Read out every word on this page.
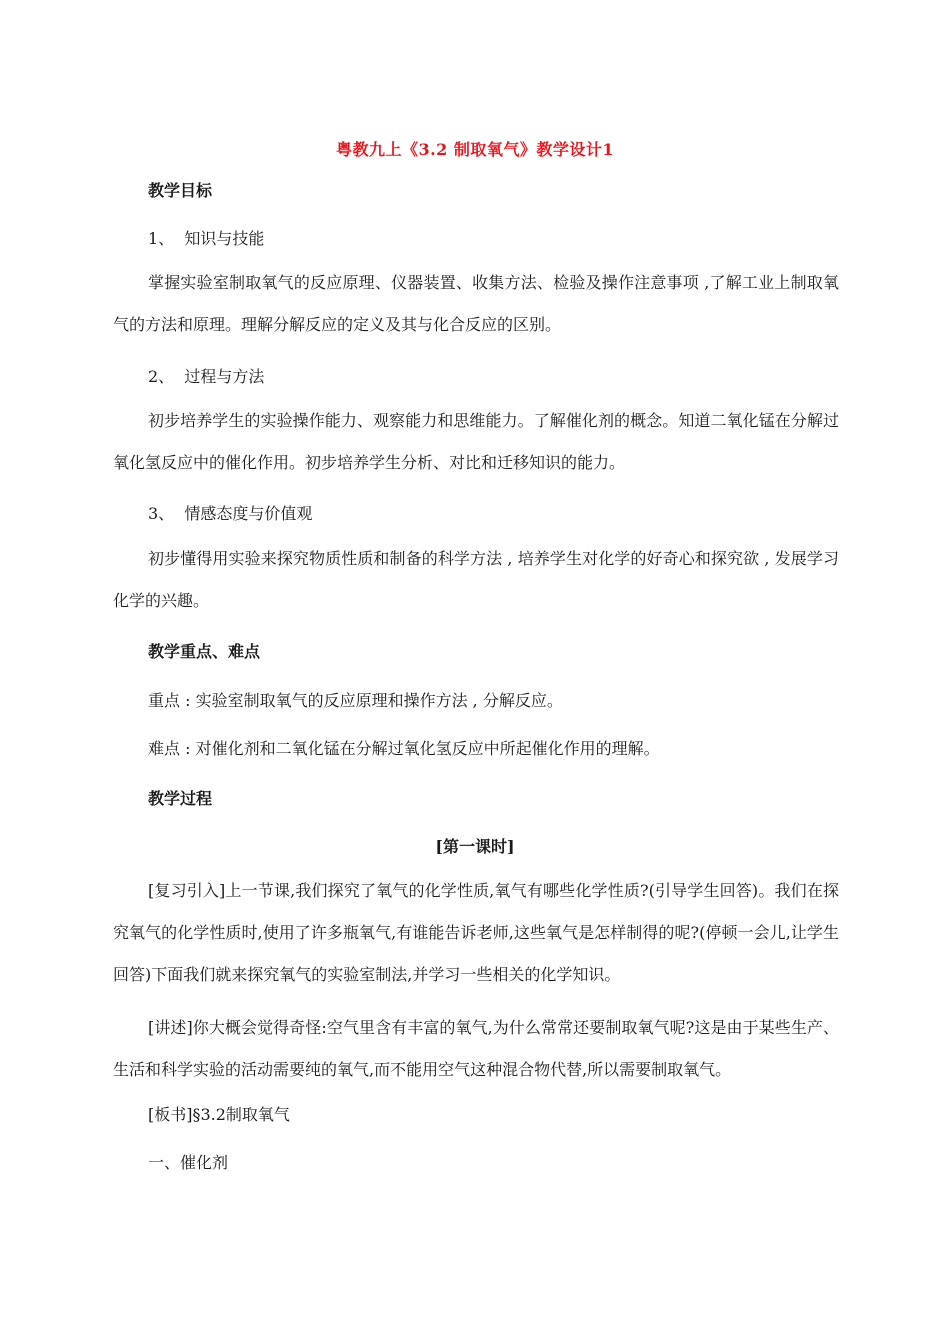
粤教九上《3.2 制取氧气》教学设计1
教学目标
1、  知识与技能
掌握实验室制取氧气的反应原理、仪器装置、收集方法、检验及操作注意事项 ,了解工业上制取氧气的方法和原理。理解分解反应的定义及其与化合反应的区别。
2、  过程与方法
初步培养学生的实验操作能力、观察能力和思维能力。了解催化剂的概念。知道二氧化锰在分解过氧化氢反应中的催化作用。初步培养学生分析、对比和迁移知识的能力。
3、  情感态度与价值观
初步懂得用实验来探究物质性质和制备的科学方法 , 培养学生对化学的好奇心和探究欲 , 发展学习化学的兴趣。
教学重点、难点
重点 : 实验室制取氧气的反应原理和操作方法 , 分解反应。
难点 : 对催化剂和二氧化锰在分解过氧化氢反应中所起催化作用的理解。
教学过程
[第一课时]
[复习引入]上一节课,我们探究了氧气的化学性质,氧气有哪些化学性质?(引导学生回答)。我们在探究氧气的化学性质时,使用了许多瓶氧气,有谁能告诉老师,这些氧气是怎样制得的呢?(停顿一会儿,让学生回答)下面我们就来探究氧气的实验室制法,并学习一些相关的化学知识。
[讲述]你大概会觉得奇怪:空气里含有丰富的氧气,为什么常常还要制取氧气呢?这是由于某些生产、生活和科学实验的活动需要纯的氧气,而不能用空气这种混合物代替,所以需要制取氧气。
[板书]§3.2制取氧气
一、催化剂
